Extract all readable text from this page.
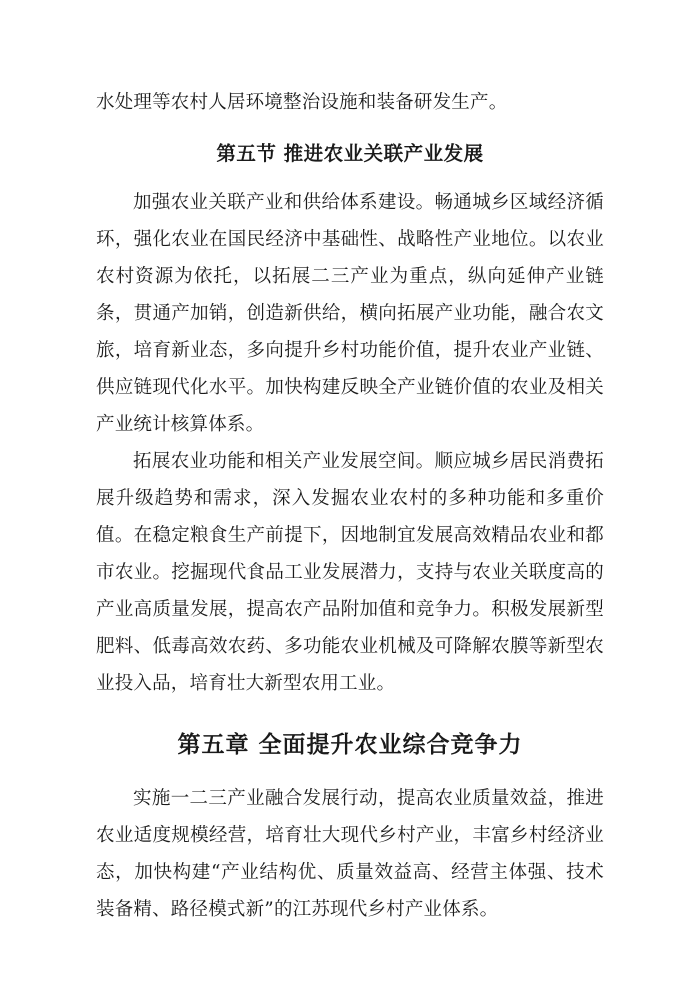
水处理等农村人居环境整治设施和装备研发生产。

第五节 推进农业关联产业发展

加强农业关联产业和供给体系建设。畅通城乡区域经济循环，强化农业在国民经济中基础性、战略性产业地位。以农业农村资源为依托，以拓展二三产业为重点，纵向延伸产业链条，贯通产加销，创造新供给，横向拓展产业功能，融合农文旅，培育新业态，多向提升乡村功能价值，提升农业产业链、供应链现代化水平。加快构建反映全产业链价值的农业及相关产业统计核算体系。

拓展农业功能和相关产业发展空间。顺应城乡居民消费拓展升级趋势和需求，深入发掘农业农村的多种功能和多重价值。在稳定粮食生产前提下，因地制宜发展高效精品农业和都市农业。挖掘现代食品工业发展潜力，支持与农业关联度高的产业高质量发展，提高农产品附加值和竞争力。积极发展新型肥料、低毒高效农药、多功能农业机械及可降解农膜等新型农业投入品，培育壮大新型农用工业。

第五章 全面提升农业综合竞争力

实施一二三产业融合发展行动，提高农业质量效益，推进农业适度规模经营，培育壮大现代乡村产业，丰富乡村经济业态，加快构建“产业结构优、质量效益高、经营主体强、技术装备精、路径模式新”的江苏现代乡村产业体系。
